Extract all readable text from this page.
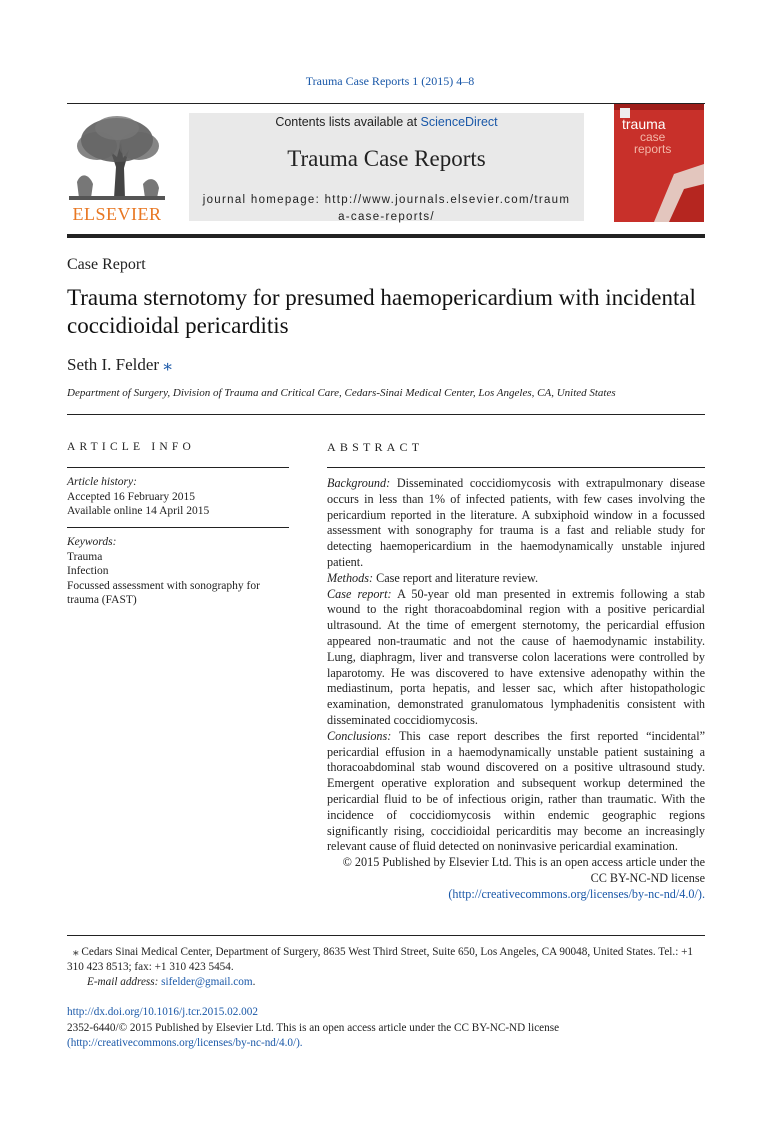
Trauma Case Reports 1 (2015) 4–8
ELSEVIER
Contents lists available at ScienceDirect
Trauma Case Reports
journal homepage: http://www.journals.elsevier.com/trauma-case-reports/
trauma
case
reports
Case Report
Trauma sternotomy for presumed haemopericardium with incidental coccidioidal pericarditis
Seth I. Felder ⁎
Department of Surgery, Division of Trauma and Critical Care, Cedars-Sinai Medical Center, Los Angeles, CA, United States
ARTICLE INFO
Article history:
Accepted 16 February 2015
Available online 14 April 2015
Keywords:
Trauma
Infection
Focussed assessment with sonography for trauma (FAST)
ABSTRACT

Background: Disseminated coccidiomycosis with extrapulmonary disease occurs in less than 1% of infected patients, with few cases involving the pericardium reported in the literature. A subxiphoid window in a focussed assessment with sonography for trauma is a fast and reliable study for detecting haemopericardium in the haemodynamically unstable injured patient.

Methods: Case report and literature review.

Case report: A 50-year old man presented in extremis following a stab wound to the right thoracoabdominal region with a positive pericardial ultrasound. At the time of emergent sternotomy, the pericardial effusion appeared non-traumatic and not the cause of haemodynamic instability. Lung, diaphragm, liver and transverse colon lacerations were controlled by laparotomy. He was discovered to have extensive adenopathy within the mediastinum, porta hepatis, and lesser sac, which after histopathologic examination, demonstrated granulomatous lymphadenitis consistent with disseminated coccidiomycosis.

Conclusions: This case report describes the first reported “incidental” pericardial effusion in a haemodynamically unstable patient sustaining a thoracoabdominal stab wound discovered on a positive ultrasound study. Emergent operative exploration and subsequent workup determined the pericardial fluid to be of infectious origin, rather than traumatic. With the incidence of coccidiomycosis within endemic geographic regions significantly rising, coccidioidal pericarditis may become an increasingly relevant cause of fluid detected on noninvasive pericardial examination.

© 2015 Published by Elsevier Ltd. This is an open access article under the

CC BY-NC-ND license

(http://creativecommons.org/licenses/by-nc-nd/4.0/).

⁎ Cedars Sinai Medical Center, Department of Surgery, 8635 West Third Street, Suite 650, Los Angeles, CA 90048, United States. Tel.: +1 310 423 8513; fax: +1 310 423 5454.
E-mail address: sifelder@gmail.com.
http://dx.doi.org/10.1016/j.tcr.2015.02.002
2352-6440/© 2015 Published by Elsevier Ltd. This is an open access article under the CC BY-NC-ND license
(http://creativecommons.org/licenses/by-nc-nd/4.0/).
